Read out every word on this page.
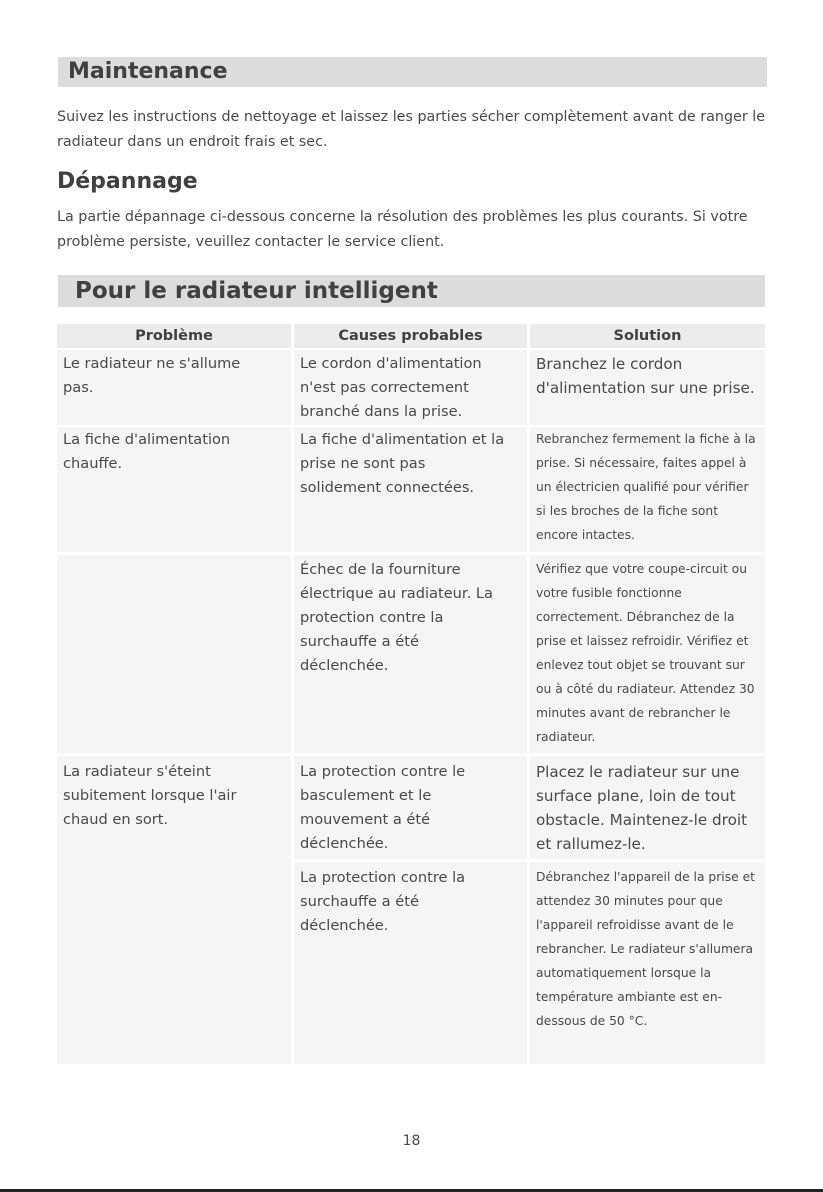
Maintenance

Suivez les instructions de nettoyage et laissez les parties sécher complètement avant de ranger le radiateur dans un endroit frais et sec.

Dépannage

La partie dépannage ci-dessous concerne la résolution des problèmes les plus courants. Si votre problème persiste, veuillez contacter le service client.

Pour le radiateur intelligent
Problème	Causes probables	Solution

Le radiateur ne s'allume pas.

Le cordon d'alimentation n'est pas correctement branché dans la prise.

Branchez le cordon d'alimentation sur une prise.

La fiche d'alimentation chauffe.

La fiche d'alimentation et la prise ne sont pas solidement connectées.

Rebranchez fermement la fiche à la prise. Si nécessaire, faites appel à un électricien qualifié pour vérifier si les broches de la fiche sont encore intactes.

Échec de la fourniture électrique au radiateur. La protection contre la surchauffe a été déclenchée.

Vérifiez que votre coupe-circuit ou votre fusible fonctionne correctement. Débranchez de la prise et laissez refroidir. Vérifiez et enlevez tout objet se trouvant sur ou à côté du radiateur. Attendez 30 minutes avant de rebrancher le radiateur.

La radiateur s'éteint subitement lorsque l'air chaud en sort.

La protection contre le basculement et le mouvement a été déclenchée.

Placez le radiateur sur une surface plane, loin de tout obstacle. Maintenez-le droit et rallumez-le.

La protection contre la surchauffe a été déclenchée.

Débranchez l'appareil de la prise et attendez 30 minutes pour que l'appareil refroidisse avant de le rebrancher. Le radiateur s'allumera automatiquement lorsque la température ambiante est en-dessous de 50 °C.

18
